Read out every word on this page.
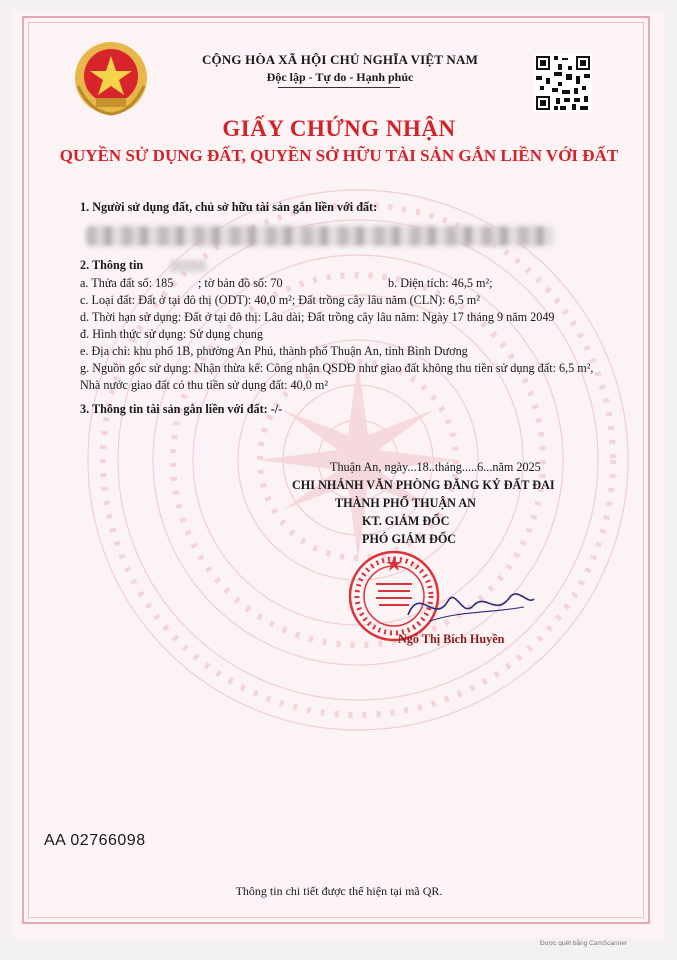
CỘNG HÒA XÃ HỘI CHỦ NGHĨA VIỆT NAM
Độc lập - Tự do - Hạnh phúc
GIẤY CHỨNG NHẬN
QUYỀN SỬ DỤNG ĐẤT, QUYỀN SỞ HỮU TÀI SẢN GẮN LIỀN VỚI ĐẤT
1. Người sử dụng đất, chủ sở hữu tài sản gắn liền với đất:
2. Thông tin
a. Thửa đất số: 185 ; tờ bản đồ số: 70	b. Diện tích: 46,5 m²;
c. Loại đất: Đất ở tại đô thị (ODT): 40,0 m²; Đất trồng cây lâu năm (CLN): 6,5 m²
d. Thời hạn sử dụng: Đất ở tại đô thị: Lâu dài; Đất trồng cây lâu năm: Ngày 17 tháng 9 năm 2049
đ. Hình thức sử dụng: Sử dụng chung
e. Địa chỉ: khu phố 1B, phường An Phú, thành phố Thuận An, tỉnh Bình Dương
g. Nguồn gốc sử dụng: Nhận thừa kế: Công nhận QSDĐ như giao đất không thu tiền sử dụng đất: 6,5 m²,
Nhà nước giao đất có thu tiền sử dụng đất: 40,0 m²
3. Thông tin tài sản gắn liền với đất: -/-
Thuận An, ngày...18..tháng.....6...năm 2025
CHI NHÁNH VĂN PHÒNG ĐĂNG KÝ ĐẤT ĐAI
THÀNH PHỐ THUẬN AN
KT. GIÁM ĐỐC
PHÓ GIÁM ĐỐC
Ngô Thị Bích Huyền
AA 02766098
Thông tin chi tiết được thể hiện tại mã QR.
Được quét bằng CamScanner
